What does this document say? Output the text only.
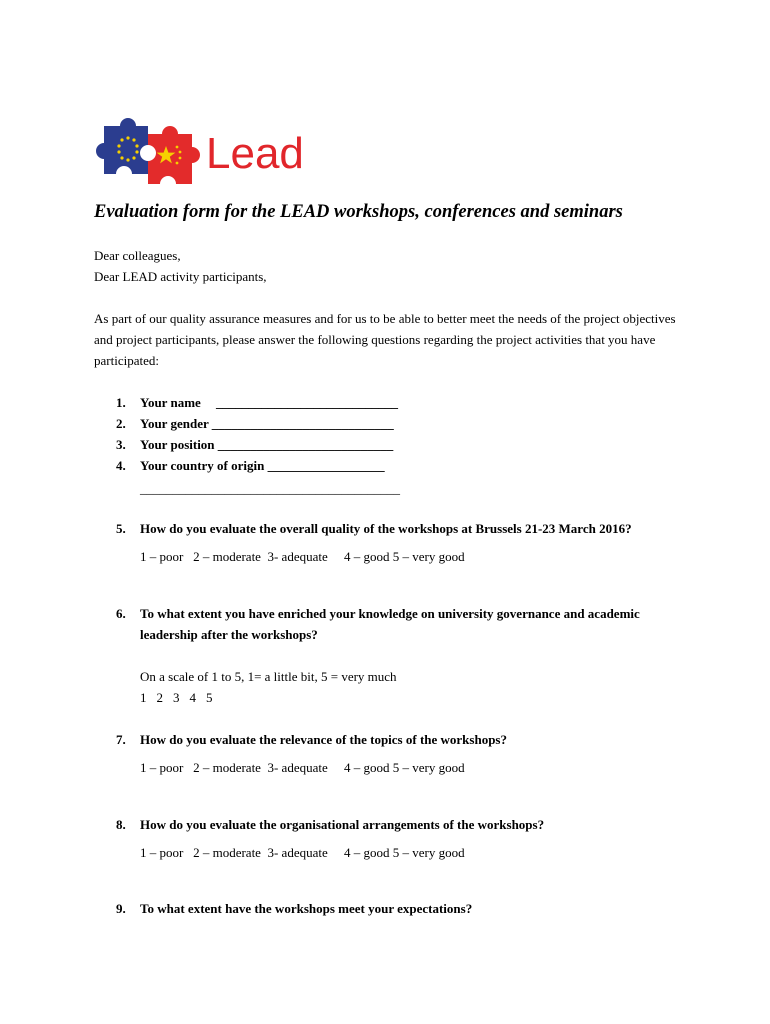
Lead
Evaluation form for the LEAD workshops, conferences and seminars

Dear colleagues,

Dear LEAD activity participants,

As part of our quality assurance measures and for us to be able to better meet the needs of the project objectives

and project participants, please answer the following questions regarding the project activities that you have

participated:

1. Your name ____________________________
2. Your gender ____________________________
3. Your position ___________________________
4. Your country of origin __________________
________________________________________
5. How do you evaluate the overall quality of the workshops at Brussels 21-23 March 2016?
1 – poor 2 – moderate 3- adequate 4 – good 5 – very good
6. To what extent you have enriched your knowledge on university governance and academic
leadership after the workshops?
On a scale of 1 to 5, 1= a little bit, 5 = very much
1 2 3 4 5
7. How do you evaluate the relevance of the topics of the workshops?
1 – poor 2 – moderate 3- adequate 4 – good 5 – very good
8. How do you evaluate the organisational arrangements of the workshops?
1 – poor 2 – moderate 3- adequate 4 – good 5 – very good
9. To what extent have the workshops meet your expectations?
